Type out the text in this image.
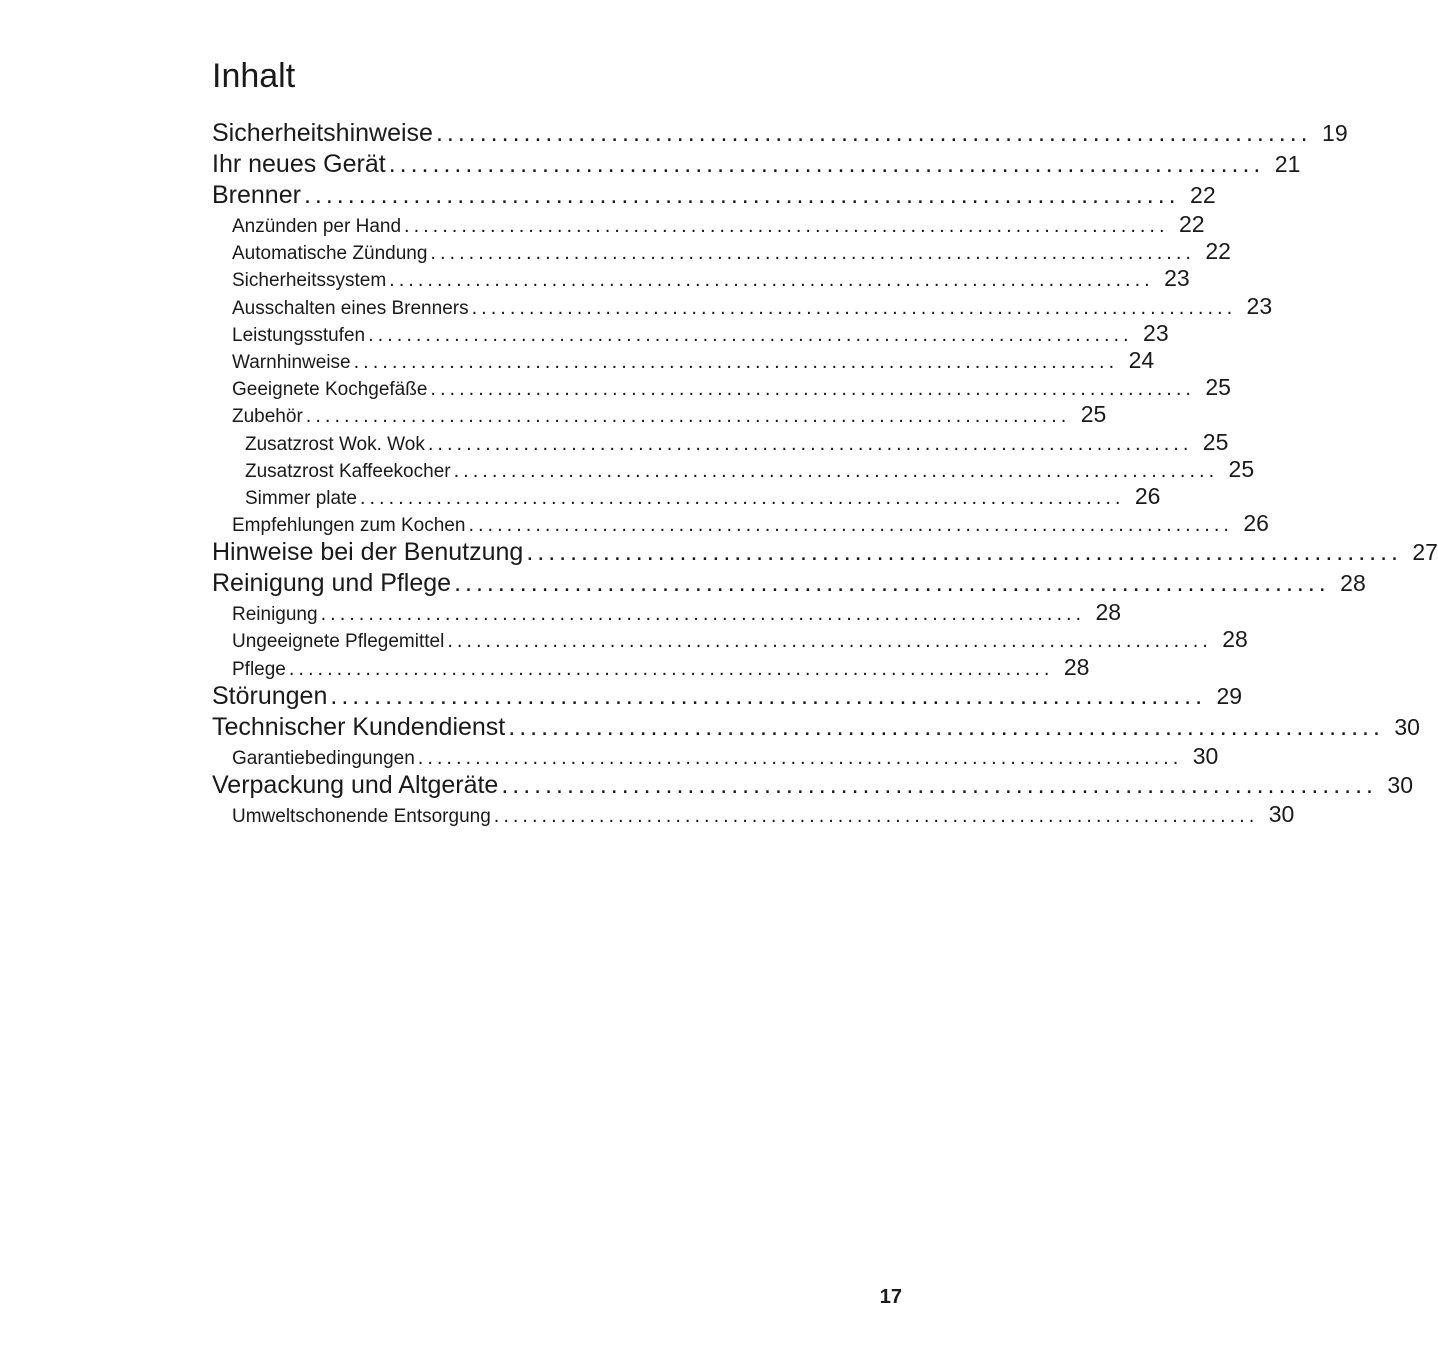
Inhalt
Sicherheitshinweise ................................................................................ 19
Ihr neues Gerät ................................................................................ 21
Brenner ................................................................................ 22
Anzünden per Hand ................................................................................ 22
Automatische Zündung ................................................................................ 22
Sicherheitssystem ................................................................................ 23
Ausschalten eines Brenners ................................................................................ 23
Leistungsstufen ................................................................................ 23
Warnhinweise ................................................................................ 24
Geeignete Kochgefäße ................................................................................ 25
Zubehör ................................................................................ 25
Zusatzrost Wok. Wok ................................................................................ 25
Zusatzrost Kaffeekocher ................................................................................ 25
Simmer plate ................................................................................ 26
Empfehlungen zum Kochen ................................................................................ 26
Hinweise bei der Benutzung ................................................................................ 27
Reinigung und Pflege ................................................................................ 28
Reinigung ................................................................................ 28
Ungeeignete Pflegemittel ................................................................................ 28
Pflege ................................................................................ 28
Störungen ................................................................................ 29
Technischer Kundendienst ................................................................................ 30
Garantiebedingungen ................................................................................ 30
Verpackung und Altgeräte ................................................................................ 30
Umweltschonende Entsorgung ................................................................................ 30
17
